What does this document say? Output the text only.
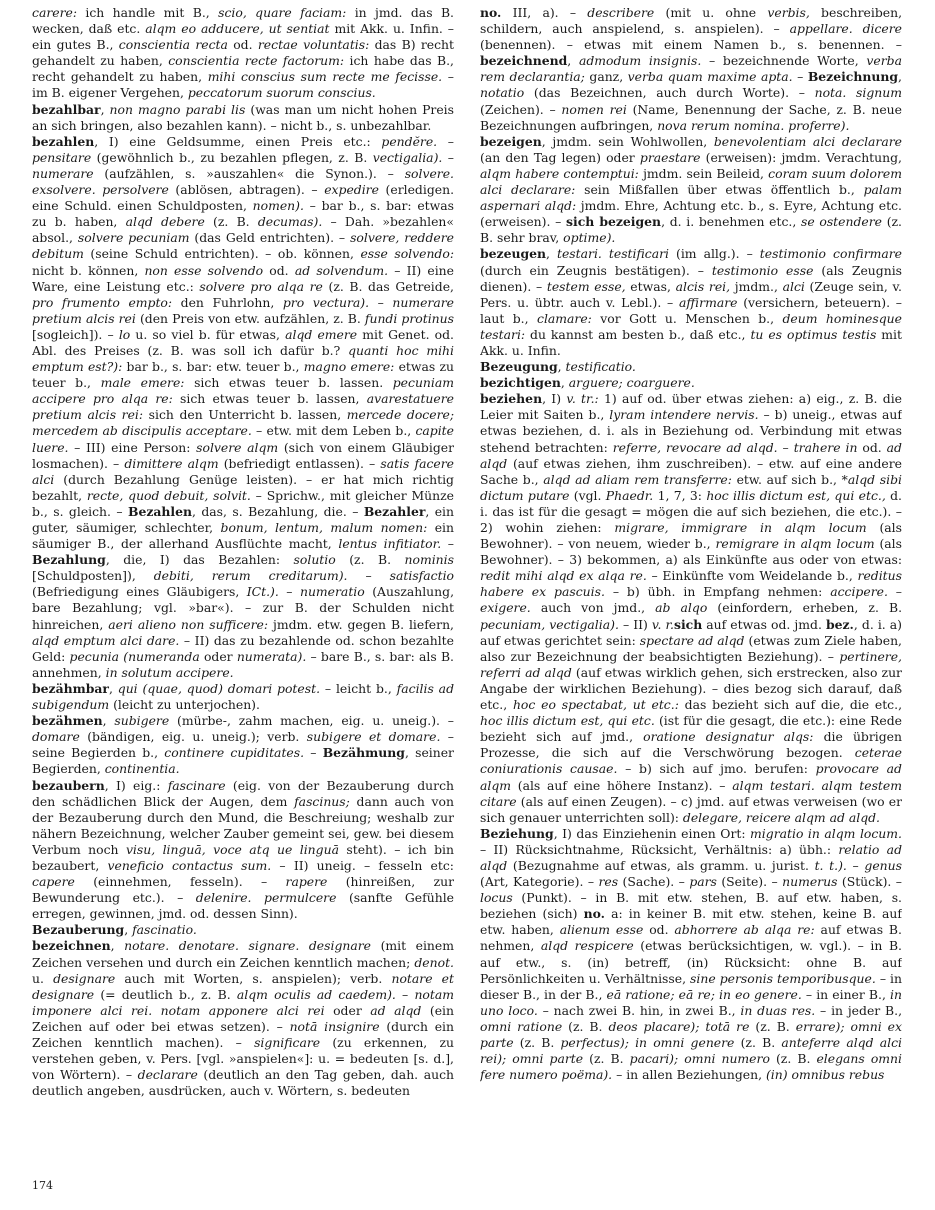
carere: ich handle mit B., scio, quare faciam: in jmd. das B. wecken, daß etc. alqm eo adducere, ut sentiat mit Akk. u. Infin. – ein gutes B., conscientia recta od. rectae voluntatis: das B) recht gehandelt zu haben, conscientia recte factorum: ich habe das B., recht gehandelt zu haben, mihi conscius sum recte me fecisse. – im B. eigener Vergehen, peccatorum suorum conscius.

bezahlbar, non magno parabi lis (was man um nicht hohen Preis an sich bringen, also bezahlen kann). – nicht b., s. unbezahlbar.

bezahlen, I) eine Geldsumme, einen Preis etc.: pendĕre. – pensitare (gewöhnlich b., zu bezahlen pflegen, z. B. vectigalia). – numerare (aufzählen, s. »auszahlen« die Synon.). – solvere. exsolvere. persolvere (ablösen, abtragen). – expedire (erledigen. eine Schuld. einen Schuldposten, nomen). – bar b., s. bar: etwas zu b. haben, alqd debere (z. B. decumas). – Dah. »bezahlen« absol., solvere pecuniam (das Geld entrichten). – solvere, reddere debitum (seine Schuld entrichten). – ob. können, esse solvendo: nicht b. können, non esse solvendo od. ad solvendum. – II) eine Ware, eine Leistung etc.: solvere pro alqa re (z. B. das Getreide, pro frumento empto: den Fuhrlohn, pro vectura). – numerare pretium alcis rei (den Preis von etw. aufzählen, z. B. fundi protinus [sogleich]). – lo u. so viel b. für etwas, alqd emere mit Genet. od. Abl. des Preises (z. B. was soll ich dafür b.? quanti hoc mihi emptum est?): bar b., s. bar: etw. teuer b., magno emere: etwas zu teuer b., male emere: sich etwas teuer b. lassen. pecuniam accipere pro alqa re: sich etwas teuer b. lassen, avarestatuere pretium alcis rei: sich den Unterricht b. lassen, mercede docere; mercedem ab discipulis acceptare. – etw. mit dem Leben b., capite luere. – III) eine Person: solvere alqm (sich von einem Gläubiger losmachen). – dimittere alqm (befriedigt entlassen). – satis facere alci (durch Bezahlung Genüge leisten). – er hat mich richtig bezahlt, recte, quod debuit, solvit. – Sprichw., mit gleicher Münze b., s. gleich. – Bezahlen, das, s. Bezahlung, die. – Bezahler, ein guter, säumiger, schlechter, bonum, lentum, malum nomen: ein säumiger B., der allerhand Ausflüchte macht, lentus infitiator. – Bezahlung, die, I) das Bezahlen: solutio (z. B. nominis [Schuldposten]), debiti, rerum creditarum). – satisfactio (Befriedigung eines Gläubigers, ICt.). – numeratio (Auszahlung, bare Bezahlung; vgl. »bar«). – zur B. der Schulden nicht hinreichen, aeri alieno non sufficere: jmdm. etw. gegen B. liefern, alqd emptum alci dare. – II) das zu bezahlende od. schon bezahlte Geld: pecunia (numeranda oder numerata). – bare B., s. bar: als B. annehmen, in solutum accipere.

bezähmbar, qui (quae, quod) domari potest. – leicht b., facilis ad subigendum (leicht zu unterjochen).

bezähmen, subigere (mürbe-, zahm machen, eig. u. uneig.). – domare (bändigen, eig. u. uneig.); verb. subigere et domare. – seine Begierden b., continere cupiditates. – Bezähmung, seiner Begierden, continentia.

bezaubern, I) eig.: fascinare (eig. von der Bezauberung durch den schädlichen Blick der Augen, dem fascinus; dann auch von der Bezauberung durch den Mund, die Beschreiung; weshalb zur nähern Bezeichnung, welcher Zauber gemeint sei, gew. bei diesem Verbum noch visu, linguā, voce atq ue linguā steht). – ich bin bezaubert, veneficio contactus sum. – II) uneig. – fesseln etc: capere (einnehmen, fesseln). – rapere (hinreißen, zur Bewunderung etc.). – delenire. permulcere (sanfte Gefühle erregen, gewinnen, jmd. od. dessen Sinn).

Bezauberung, fascinatio.

bezeichnen, notare. denotare. signare. designare (mit einem Zeichen versehen und durch ein Zeichen kenntlich machen; denot. u. designare auch mit Worten, s. anspielen); verb. notare et designare (= deutlich b., z. B. alqm oculis ad caedem). – notam imponere alci rei. notam apponere alci rei oder ad alqd (ein Zeichen auf oder bei etwas setzen). – notā insignire (durch ein Zeichen kenntlich machen). – significare (zu erkennen, zu verstehen geben, v. Pers. [vgl. »anspielen«]: u. = bedeuten [s. d.], von Wörtern). – declarare (deutlich an den Tag geben, dah. auch deutlich angeben, ausdrücken, auch v. Wörtern, s. bedeuten

no. III, a). – describere (mit u. ohne verbis, beschreiben, schildern, auch anspielend, s. anspielen). – appellare. dicere (benennen). – etwas mit einem Namen b., s. benennen. – bezeichnend, admodum insignis. – bezeichnende Worte, verba rem declarantia; ganz, verba quam maxime apta. – Bezeichnung, notatio (das Bezeichnen, auch durch Worte). – nota. signum (Zeichen). – nomen rei (Name, Benennung der Sache, z. B. neue Bezeichnungen aufbringen, nova rerum nomina. proferre).

bezeigen, jmdm. sein Wohlwollen, benevolentiam alci declarare (an den Tag legen) oder praestare (erweisen): jmdm. Verachtung, alqm habere contemptui: jmdm. sein Beileid, coram suum dolorem alci declarare: sein Mißfallen über etwas öffentlich b., palam aspernari alqd: jmdm. Ehre, Achtung etc. b., s. Eyre, Achtung etc. (erweisen). – sich bezeigen, d. i. benehmen etc., se ostendere (z. B. sehr brav, optime).

bezeugen, testari. testificari (im allg.). – testimonio confirmare (durch ein Zeugnis bestätigen). – testimonio esse (als Zeugnis dienen). – testem esse, etwas, alcis rei, jmdm., alci (Zeuge sein, v. Pers. u. übtr. auch v. Lebl.). – affirmare (versichern, beteuern). – laut b., clamare: vor Gott u. Menschen b., deum hominesque testari: du kannst am besten b., daß etc., tu es optimus testis mit Akk. u. Infin.

Bezeugung, testificatio.

bezichtigen, arguere; coarguere.

beziehen, I) v. tr.: 1) auf od. über etwas ziehen: a) eig., z. B. die Leier mit Saiten b., lyram intendere nervis. – b) uneig., etwas auf etwas beziehen, d. i. als in Beziehung od. Verbindung mit etwas stehend betrachten: referre, revocare ad alqd. – trahere in od. ad alqd (auf etwas ziehen, ihm zuschreiben). – etw. auf eine andere Sache b., alqd ad aliam rem transferre: etw. auf sich b., *alqd sibi dictum putare (vgl. Phaedr. 1, 7, 3: hoc illis dictum est, qui etc., d. i. das ist für die gesagt = mögen die auf sich beziehen, die etc.). – 2) wohin ziehen: migrare, immigrare in alqm locum (als Bewohner). – von neuem, wieder b., remigrare in alqm locum (als Bewohner). – 3) bekommen, a) als Einkünfte aus oder von etwas: redit mihi alqd ex alqa re. – Einkünfte vom Weidelande b., reditus habere ex pascuis. – b) übh. in Empfang nehmen: accipere. – exigere. auch von jmd., ab alqo (einfordern, erheben, z. B. pecuniam, vectigalia). – II) v. r.sich auf etwas od. jmd. bez., d. i. a) auf etwas gerichtet sein: spectare ad alqd (etwas zum Ziele haben, also zur Bezeichnung der beabsichtigten Beziehung). – pertinere, referri ad alqd (auf etwas wirklich gehen, sich erstrecken, also zur Angabe der wirklichen Beziehung). – dies bezog sich darauf, daß etc., hoc eo spectabat, ut etc.: das bezieht sich auf die, die etc., hoc illis dictum est, qui etc. (ist für die gesagt, die etc.): eine Rede bezieht sich auf jmd., oratione designatur alqs: die übrigen Prozesse, die sich auf die Verschwörung bezogen. ceterae coniurationis causae. – b) sich auf jmo. berufen: provocare ad alqm (als auf eine höhere Instanz). – alqm testari. alqm testem citare (als auf einen Zeugen). – c) jmd. auf etwas verweisen (wo er sich genauer unterrichten soll): delegare, reicere alqm ad alqd.

Beziehung, I) das Einziehenin einen Ort: migratio in alqm locum. – II) Rücksichtnahme, Rücksicht, Verhältnis: a) übh.: relatio ad alqd (Bezugnahme auf etwas, als gramm. u. jurist. t. t.). – genus (Art, Kategorie). – res (Sache). – pars (Seite). – numerus (Stück). – locus (Punkt). – in B. mit etw. stehen, B. auf etw. haben, s. beziehen (sich) no. a: in keiner B. mit etw. stehen, keine B. auf etw. haben, alienum esse od. abhorrere ab alqa re: auf etwas B. nehmen, alqd respicere (etwas berücksichtigen, w. vgl.). – in B. auf etw., s. (in) betreff, (in) Rücksicht: ohne B. auf Persönlichkeiten u. Verhältnisse, sine personis temporibusque. – in dieser B., in der B., eā ratione; eā re; in eo genere. – in einer B., in uno loco. – nach zwei B. hin, in zwei B., in duas res. – in jeder B., omni ratione (z. B. deos placare); totā re (z. B. errare); omni ex parte (z. B. perfectus); in omni genere (z. B. anteferre alqd alci rei); omni parte (z. B. pacari); omni numero (z. B. elegans omni fere numero poëma). – in allen Beziehungen, (in) omnibus rebus

174
